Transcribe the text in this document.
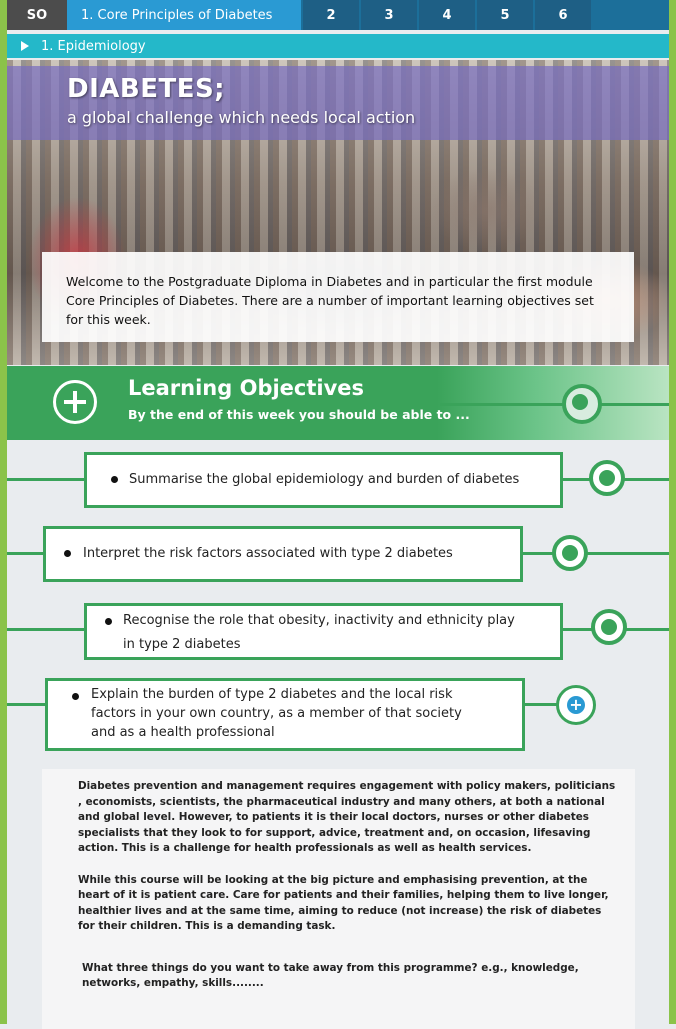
SO	1. Core Principles of Diabetes	2	3	4	5	6
1. Epidemiology
DIABETES;
a global challenge which needs local action
Welcome to the Postgraduate Diploma in Diabetes and in particular the first module Core Principles of Diabetes. There are a number of important learning objectives set for this week.
Learning Objectives
By the end of this week you should be able to ...
Summarise the global epidemiology and burden of diabetes
Interpret the risk factors associated with type 2 diabetes
Recognise the role that obesity, inactivity and ethnicity play
in type 2 diabetes
Explain the burden of type 2 diabetes and the local risk
factors in your own country, as a member of that society
and as a health professional
+

Diabetes prevention and management requires engagement with policy makers, politicians , economists, scientists, the pharmaceutical industry and many others, at both a national and global level. However, to patients it is their local doctors, nurses or other diabetes specialists that they look to for support, advice, treatment and, on occasion, lifesaving action. This is a challenge for health professionals as well as health services.

While this course will be looking at the big picture and emphasising prevention, at the heart of it is patient care. Care for patients and their families, helping them to live longer, healthier lives and at the same time, aiming to reduce (not increase) the risk of diabetes for their children. This is a demanding task.

What three things do you want to take away from this programme? e.g., knowledge, networks, empathy, skills........
